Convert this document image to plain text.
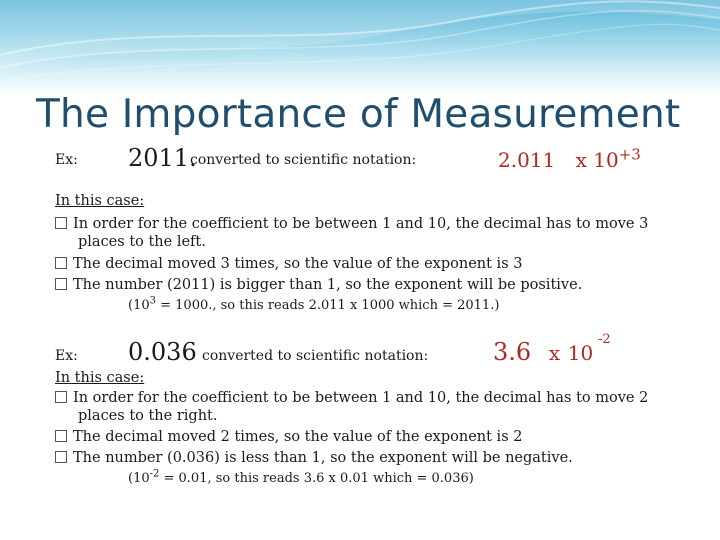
The Importance of Measurement
Ex: 2011.
converted to scientific notation:	2.011 x $10^{+3}$
In this case:
In order for the coefficient to be between 1 and 10, the decimal has to move 3
places to the left.
The decimal moved 3 times, so the value of the exponent is 3
The number (2011) is bigger than 1, so the exponent will be positive.
($10^3 = 1000$., so this reads 2.011 x 1000 which = 2011.)
Ex: 0.036 converted to scientific notation:	3.6 x 10
-2
In this case:
In order for the coefficient to be between 1 and 10, the decimal has to move 2
places to the right.
The decimal moved 2 times, so the value of the exponent is 2
The number (0.036) is less than 1, so the exponent will be negative.
($10^{-2} = 0.01$, so this reads 3.6 x 0.01 which = 0.036)
